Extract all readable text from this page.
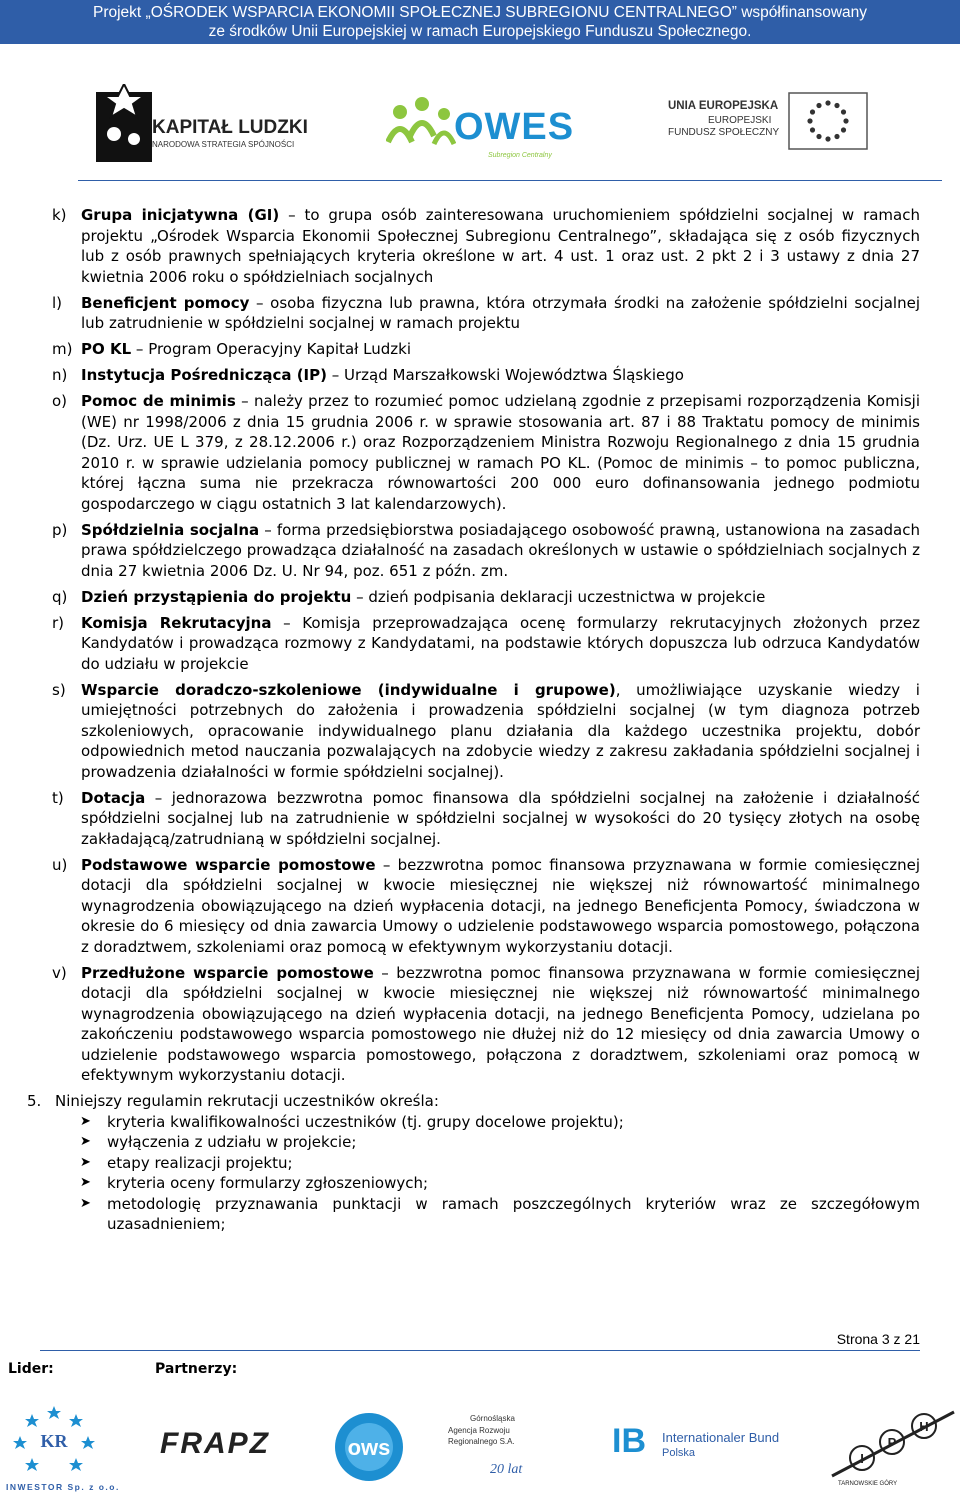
Projekt „OŚRODEK WSPARCIA EKONOMII SPOŁECZNEJ SUBREGIONU CENTRALNEGO” współfinansowany
ze środków Unii Europejskiej w ramach Europejskiego Funduszu Społecznego.
KAPITAŁ LUDZKI
NARODOWA STRATEGIA SPÓJNOŚCI	OWES
Subregion Centralny
UNIA EUROPEJSKA
EUROPEJSKI
FUNDUSZ SPOŁECZNY
k) Grupa inicjatywna (GI) – to grupa osób zainteresowana uruchomieniem spółdzielni socjalnej w ramach projektu „Ośrodek Wsparcia Ekonomii Społecznej Subregionu Centralnego”, składająca się z osób fizycznych lub z osób prawnych spełniających kryteria określone w art. 4 ust. 1 oraz ust. 2 pkt 2 i 3 ustawy z dnia 27 kwietnia 2006 roku o spółdzielniach socjalnych
l)	Beneficjent pomocy – osoba fizyczna lub prawna, która otrzymała środki na założenie spółdzielni socjalnej lub zatrudnienie w spółdzielni socjalnej w ramach projektu
m) PO KL – Program Operacyjny Kapitał Ludzki
n) Instytucja Pośrednicząca (IP) – Urząd Marszałkowski Województwa Śląskiego
o) Pomoc de minimis – należy przez to rozumieć pomoc udzielaną zgodnie z przepisami rozporządzenia Komisji (WE) nr 1998/2006 z dnia 15 grudnia 2006 r. w sprawie stosowania art. 87 i 88 Traktatu pomocy de minimis (Dz. Urz. UE L 379, z 28.12.2006 r.) oraz Rozporządzeniem Ministra Rozwoju Regionalnego z dnia 15 grudnia 2010 r. w sprawie udzielania pomocy publicznej w ramach PO KL. (Pomoc de minimis – to pomoc publiczna, której łączna suma nie przekracza równowartości 200 000 euro dofinansowania jednego podmiotu gospodarczego w ciągu ostatnich 3 lat kalendarzowych).
p) Spółdzielnia socjalna – forma przedsiębiorstwa posiadającego osobowość prawną, ustanowiona na zasadach prawa spółdzielczego prowadząca działalność na zasadach określonych w ustawie o spółdzielniach socjalnych z dnia 27 kwietnia 2006 Dz. U. Nr 94, poz. 651 z późn. zm.
q) Dzień przystąpienia do projektu – dzień podpisania deklaracji uczestnictwa w projekcie
r)	Komisja Rekrutacyjna – Komisja przeprowadzająca ocenę formularzy rekrutacyjnych złożonych przez Kandydatów i prowadząca rozmowy z Kandydatami, na podstawie których dopuszcza lub odrzuca Kandydatów do udziału w projekcie
s)	Wsparcie doradczo-szkoleniowe (indywidualne i grupowe), umożliwiające uzyskanie wiedzy i umiejętności potrzebnych do założenia i prowadzenia spółdzielni socjalnej (w tym diagnoza potrzeb szkoleniowych, opracowanie indywidualnego planu działania dla każdego uczestnika projektu, dobór odpowiednich metod nauczania pozwalających na zdobycie wiedzy z zakresu zakładania spółdzielni socjalnej i prowadzenia działalności w formie spółdzielni socjalnej).
t)	Dotacja – jednorazowa bezzwrotna pomoc finansowa dla spółdzielni socjalnej na założenie i działalność spółdzielni socjalnej lub na zatrudnienie w spółdzielni socjalnej w wysokości do 20 tysięcy złotych na osobę zakładającą/zatrudnianą w spółdzielni socjalnej.
u) Podstawowe wsparcie pomostowe – bezzwrotna pomoc finansowa przyznawana w formie comiesięcznej dotacji dla spółdzielni socjalnej w kwocie miesięcznej nie większej niż równowartość minimalnego wynagrodzenia obowiązującego na dzień wypłacenia dotacji, na jednego Beneficjenta Pomocy, świadczona w okresie do 6 miesięcy od dnia zawarcia Umowy o udzielenie podstawowego wsparcia pomostowego, połączona z doradztwem, szkoleniami oraz pomocą w efektywnym wykorzystaniu dotacji.
v) Przedłużone wsparcie pomostowe – bezzwrotna pomoc finansowa przyznawana w formie comiesięcznej dotacji dla spółdzielni socjalnej w kwocie miesięcznej nie większej niż równowartość minimalnego wynagrodzenia obowiązującego na dzień wypłacenia dotacji, na jednego Beneficjenta Pomocy, udzielana po zakończeniu podstawowego wsparcia pomostowego nie dłużej niż do 12 miesięcy od dnia zawarcia Umowy o udzielenie podstawowego wsparcia pomostowego, połączona z doradztwem, szkoleniami oraz pomocą w efektywnym wykorzystaniu dotacji.
5. Niniejszy regulamin rekrutacji uczestników określa:
➤	kryteria kwalifikowalności uczestników (tj. grupy docelowe projektu);
➤	wyłączenia z udziału w projekcie;
➤	etapy realizacji projektu;
➤	kryteria oceny formularzy zgłoszeniowych;
➤	metodologię przyznawania punktacji w ramach poszczególnych kryteriów wraz ze szczegółowym uzasadnieniem;
Strona 3 z 21
Lider:	Partnerzy:
KR
INWESTOR Sp. z o.o.
FRAPZ	ows
Górnośląska
Agencja Rozwoju
Regionalnego S.A.
20 lat
IB Internationaler Bund
Polska	I
P
H
TARNOWSKIE GÓRY
